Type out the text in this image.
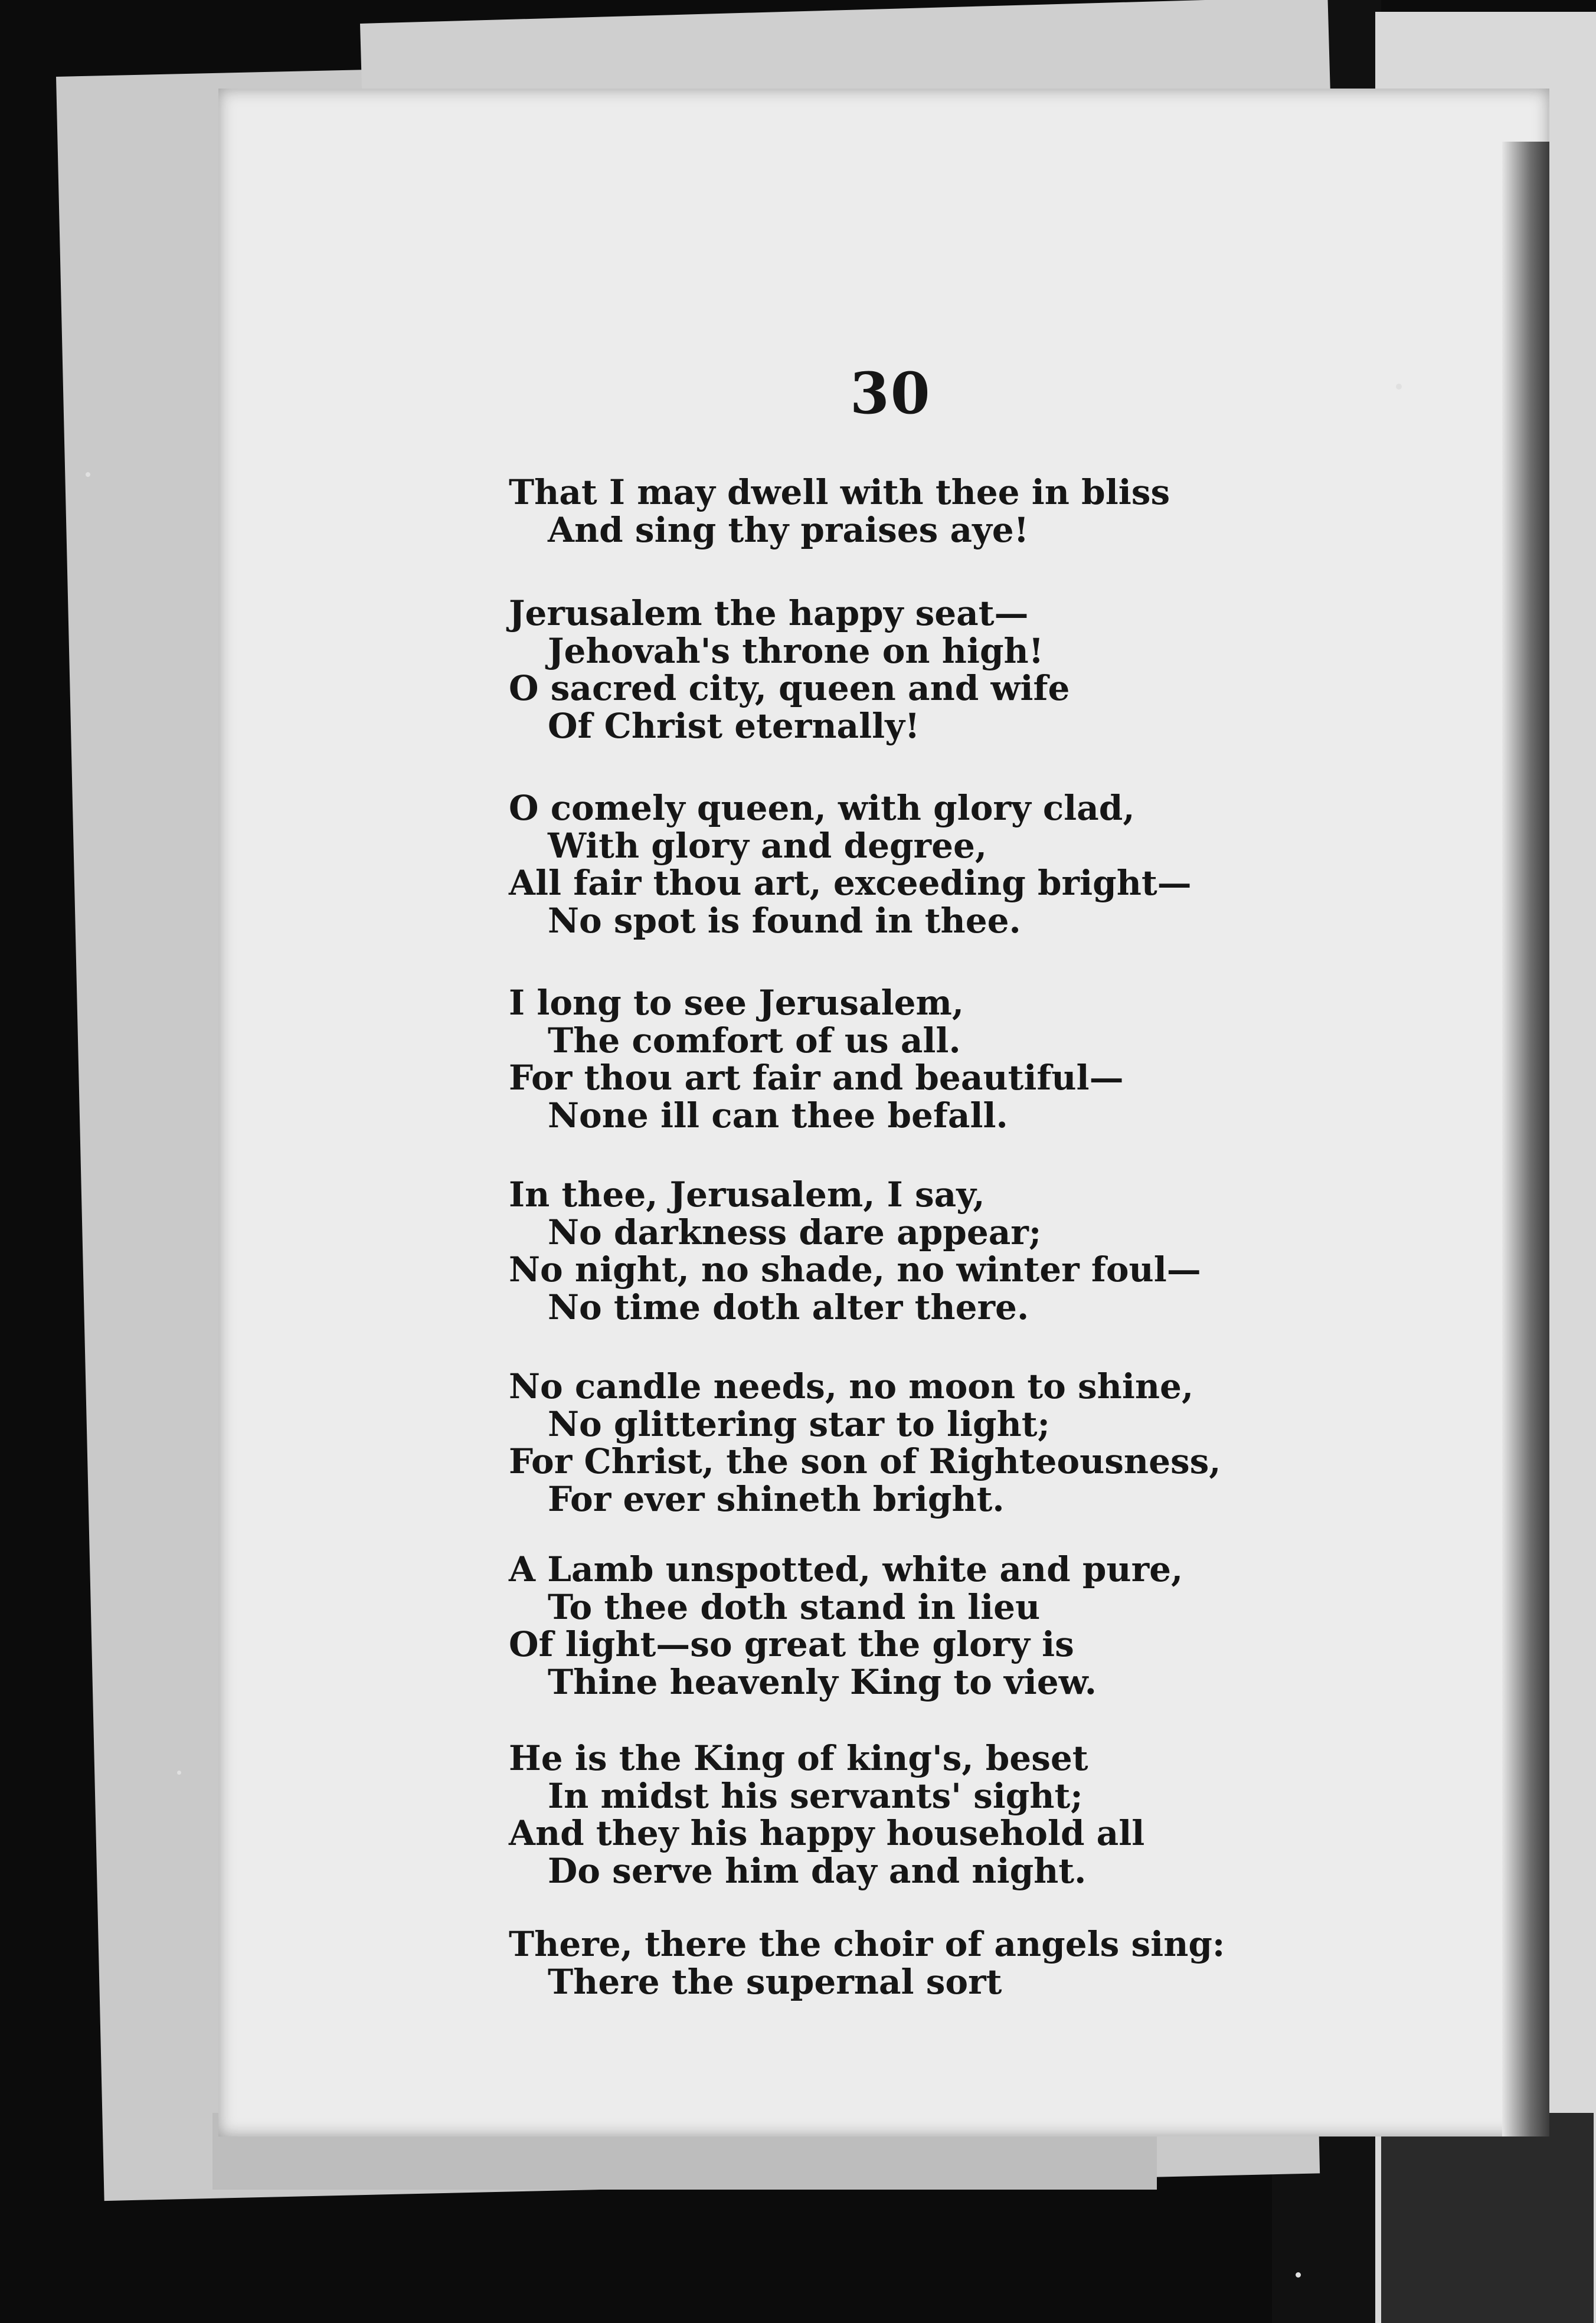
30
That I may dwell with thee in bliss
And sing thy praises aye!
Jerusalem the happy seat—
Jehovah's throne on high!
O sacred city, queen and wife
Of Christ eternally!
O comely queen, with glory clad,
With glory and degree,
All fair thou art, exceeding bright—
No spot is found in thee.
I long to see Jerusalem,
The comfort of us all.
For thou art fair and beautiful—
None ill can thee befall.
In thee, Jerusalem, I say,
No darkness dare appear;
No night, no shade, no winter foul—
No time doth alter there.
No candle needs, no moon to shine,
No glittering star to light;
For Christ, the son of Righteousness,
For ever shineth bright.
A Lamb unspotted, white and pure,
To thee doth stand in lieu
Of light—so great the glory is
Thine heavenly King to view.
He is the King of king's, beset
In midst his servants' sight;
And they his happy household all
Do serve him day and night.
There, there the choir of angels sing:
There the supernal sort
